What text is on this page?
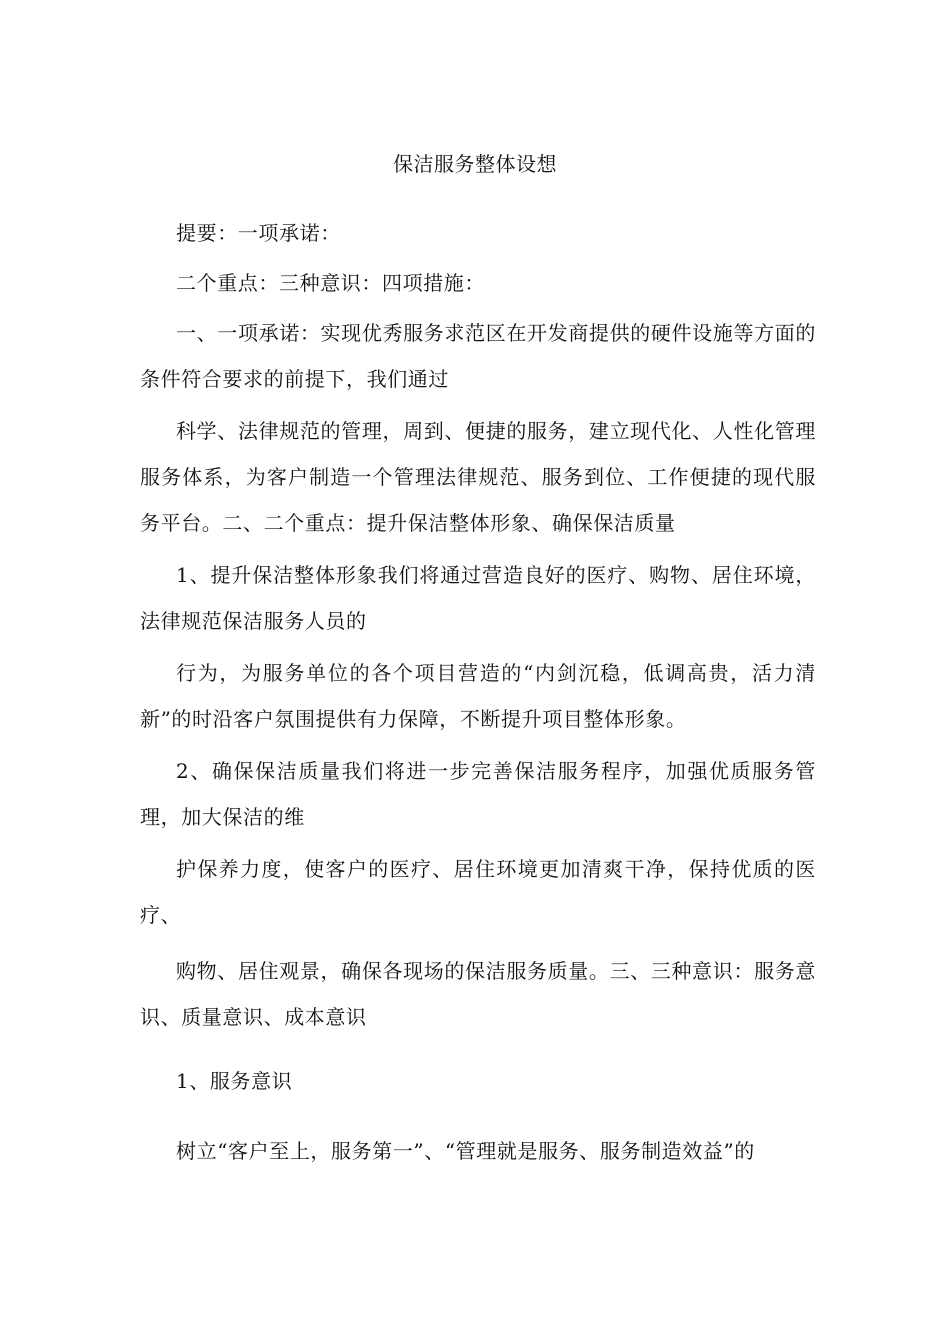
保洁服务整体设想

提要：一项承诺：

二个重点：三种意识：四项措施：

一、一项承诺：实现优秀服务求范区在开发商提供的硬件设施等方面的条件符合要求的前提下，我们通过

科学、法律规范的管理，周到、便捷的服务，建立现代化、人性化管理服务体系，为客户制造一个管理法律规范、服务到位、工作便捷的现代服务平台。二、二个重点：提升保洁整体形象、确保保洁质量

1、提升保洁整体形象我们将通过营造良好的医疗、购物、居住环境，法律规范保洁服务人员的

行为，为服务单位的各个项目营造的“内剑沉稳，低调高贵，活力清新”的时沿客户氛围提供有力保障，不断提升项目整体形象。

2、确保保洁质量我们将进一步完善保洁服务程序，加强优质服务管理，加大保洁的维

护保养力度，使客户的医疗、居住环境更加清爽干净，保持优质的医疗、

购物、居住观景，确保各现场的保洁服务质量。三、三种意识：服务意识、质量意识、成本意识

1、服务意识

树立“客户至上，服务第一”、“管理就是服务、服务制造效益”的
